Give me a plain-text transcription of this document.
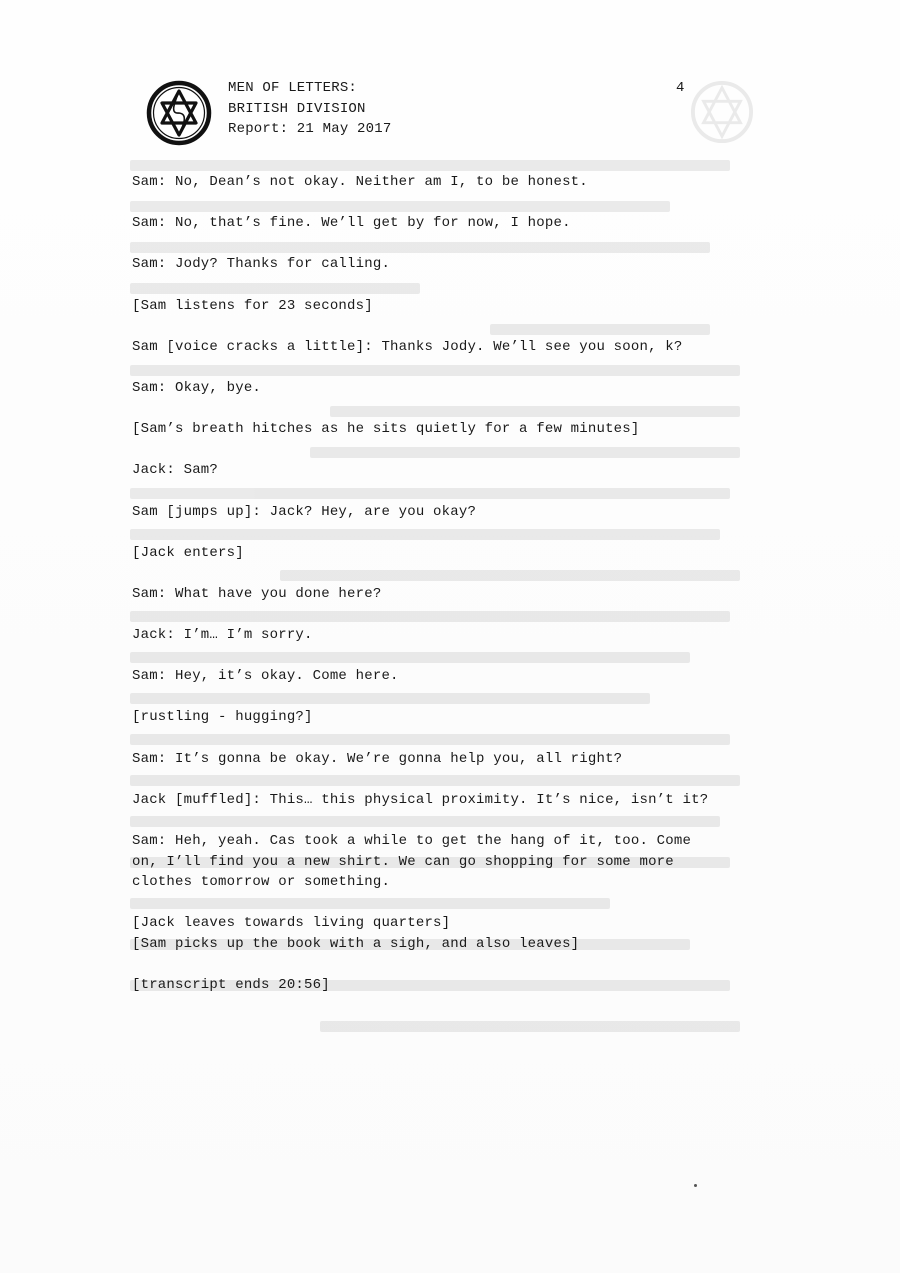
MEN OF LETTERS:
BRITISH DIVISION
Report: 21 May 2017
4
Sam: No, Dean’s not okay. Neither am I, to be honest.
Sam: No, that’s fine. We’ll get by for now, I hope.
Sam: Jody? Thanks for calling.
[Sam listens for 23 seconds]
Sam [voice cracks a little]: Thanks Jody. We’ll see you soon, k?
Sam: Okay, bye.
[Sam’s breath hitches as he sits quietly for a few minutes]
Jack: Sam?
Sam [jumps up]: Jack? Hey, are you okay?
[Jack enters]
Sam: What have you done here?
Jack: I’m… I’m sorry.
Sam: Hey, it’s okay. Come here.
[rustling - hugging?]
Sam: It’s gonna be okay. We’re gonna help you, all right?
Jack [muffled]: This… this physical proximity. It’s nice, isn’t it?
Sam: Heh, yeah. Cas took a while to get the hang of it, too. Come
on, I’ll find you a new shirt. We can go shopping for some more
clothes tomorrow or something.
[Jack leaves towards living quarters]
[Sam picks up the book with a sigh, and also leaves]
[transcript ends 20:56]
